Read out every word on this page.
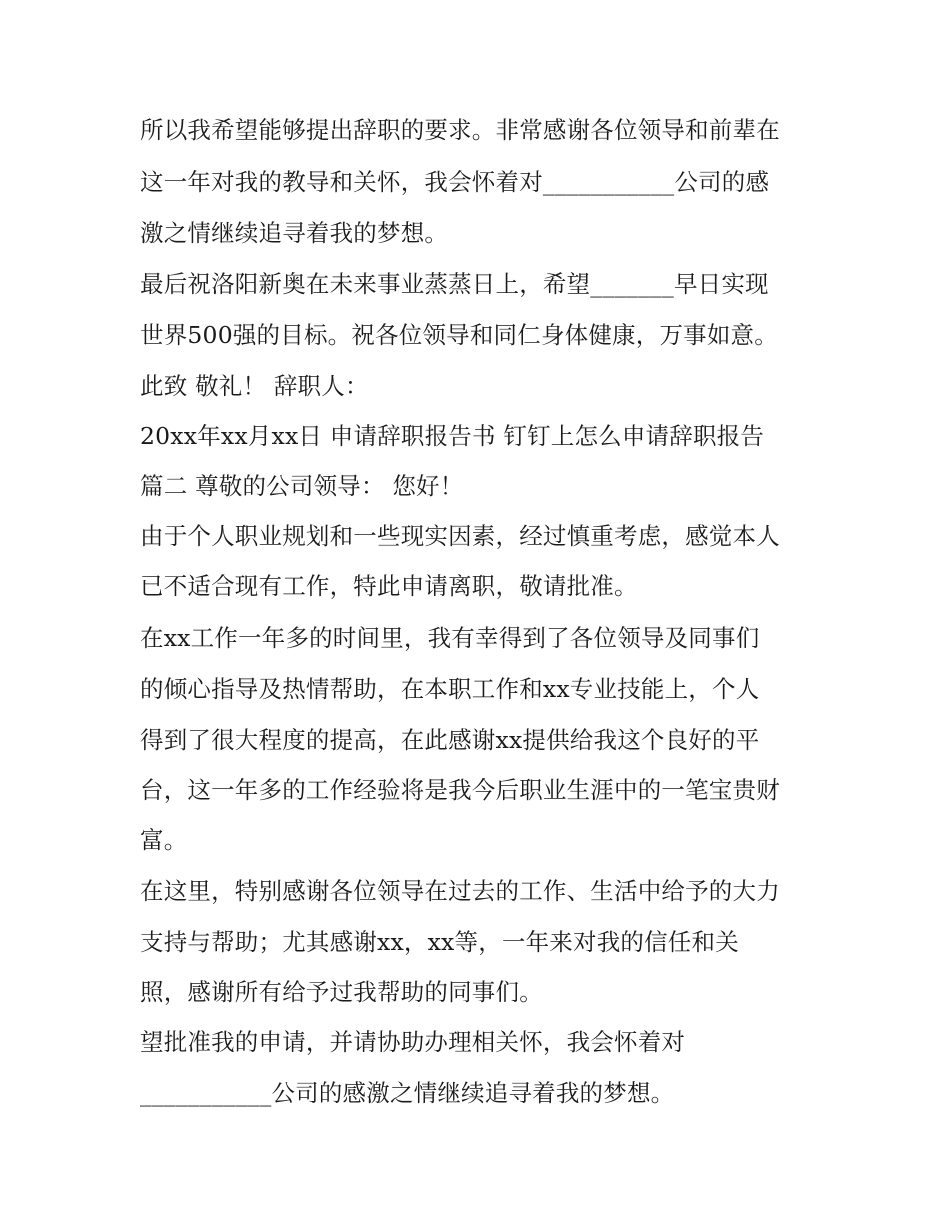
所以我希望能够提出辞职的要求。非常感谢各位领导和前辈在
这一年对我的教导和关怀，我会怀着对___________公司的感
激之情继续追寻着我的梦想。
最后祝洛阳新奥在未来事业蒸蒸日上，希望_______早日实现
世界500强的目标。祝各位领导和同仁身体健康，万事如意。
此致 敬礼！ 辞职人：
20xx年xx月xx日 申请辞职报告书 钉钉上怎么申请辞职报告
篇二 尊敬的公司领导： 您好！
由于个人职业规划和一些现实因素，经过慎重考虑，感觉本人
已不适合现有工作，特此申请离职，敬请批准。
在xx工作一年多的时间里，我有幸得到了各位领导及同事们
的倾心指导及热情帮助，在本职工作和xx专业技能上，个人
得到了很大程度的提高，在此感谢xx提供给我这个良好的平
台，这一年多的工作经验将是我今后职业生涯中的一笔宝贵财
富。
在这里，特别感谢各位领导在过去的工作、生活中给予的大力
支持与帮助；尤其感谢xx，xx等，一年来对我的信任和关
照，感谢所有给予过我帮助的同事们。
望批准我的申请，并请协助办理相关怀，我会怀着对
___________公司的感激之情继续追寻着我的梦想。
